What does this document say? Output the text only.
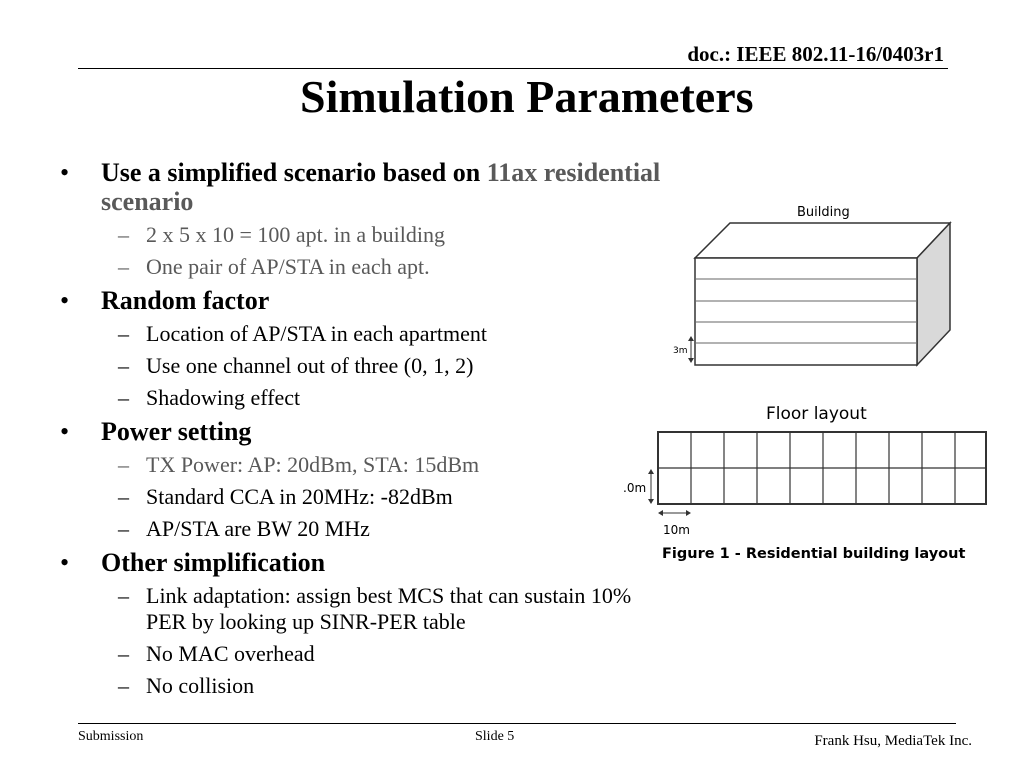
doc.: IEEE 802.11-16/0403r1
Simulation Parameters
• Use a simplified scenario based on 11ax residential scenario
– 2 x 5 x 10 = 100 apt. in a building
– One pair of AP/STA in each apt.
• Random factor
– Location of AP/STA in each apartment
– Use one channel out of three (0, 1, 2)
– Shadowing effect
• Power setting
– TX Power: AP: 20dBm, STA: 15dBm
– Standard CCA in 20MHz: -82dBm
– AP/STA are BW 20 MHz
• Other simplification
– Link adaptation: assign best MCS that can sustain 10% PER by looking up SINR-PER table
– No MAC overhead
– No collision
Building
3m
Floor layout
.0m
10m
Figure 1 - Residential building layout
Submission	Slide 5	Frank Hsu, MediaTek Inc.
